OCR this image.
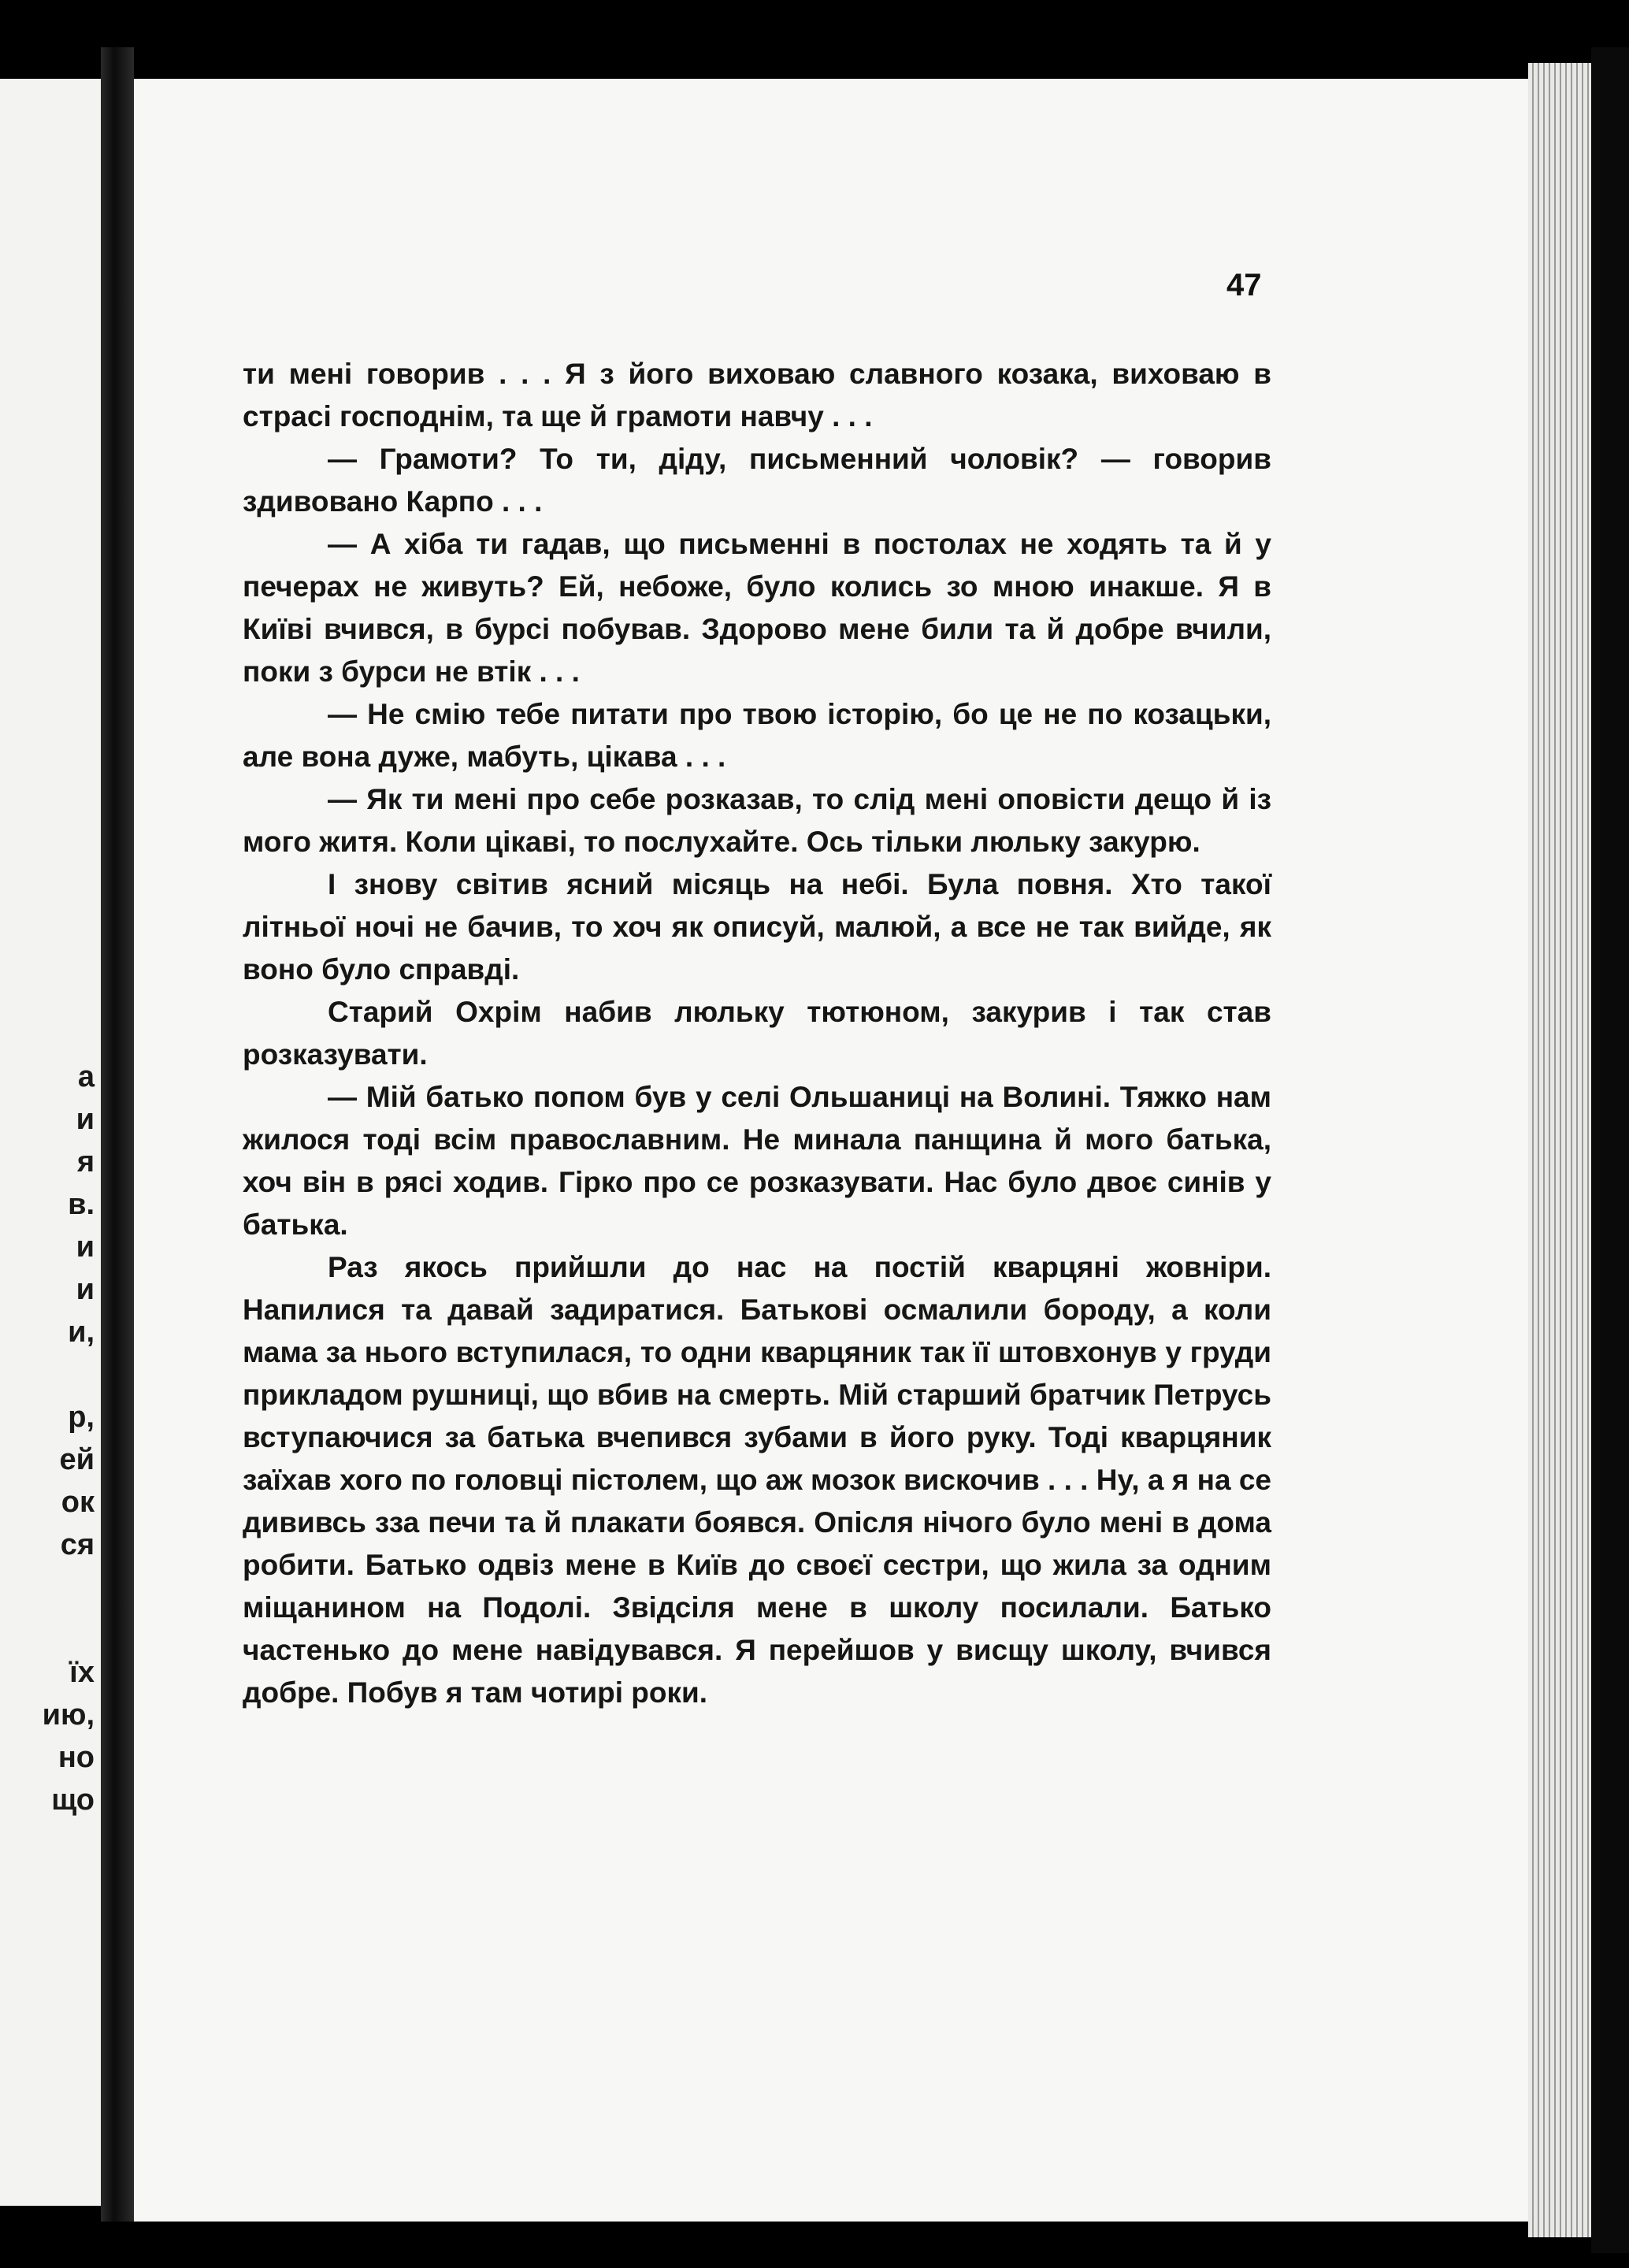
а
и
я
в.
и
и
и,
р,
ей
ок
ся
їх
ию,
но
що
47

ти мені говорив . . . Я з його виховаю славного козака, виховаю в страсі господнім, та ще й грамоти навчу . . .

— Грамоти? То ти, діду, письменний чоловік? — говорив здивовано Карпо . . .

— А хіба ти гадав, що письменні в постолах не ходять та й у печерах не живуть? Ей, небоже, було колись зо мною инакше. Я в Київі вчився, в бурсі побував. Здорово мене били та й добре вчили, поки з бурси не втік . . .

— Не смію тебе питати про твою історію, бо це не по козацьки, але вона дуже, мабуть, цікава . . .

— Як ти мені про себе розказав, то слід мені оповісти дещо й із мого житя. Коли цікаві, то послухайте. Ось тільки люльку закурю.

І знову світив ясний місяць на небі. Була повня. Хто такої літньої ночі не бачив, то хоч як описуй, малюй, а все не так вийде, як воно було справді.

Старий Охрім набив люльку тютюном, закурив і так став розказувати.

— Мій батько попом був у селі Ольшаниці на Волині. Тяжко нам жилося тоді всім православним. Не минала панщина й мого батька, хоч він в рясі ходив. Гірко про се розказувати. Нас було двоє синів у батька.

Раз якось прийшли до нас на постій кварцяні жовніри. Напилися та давай задиратися. Батькові осмалили бороду, а коли мама за нього вступилася, то одни кварцяник так її штовхонув у груди прикладом рушниці, що вбив на смерть. Мій старший братчик Петрусь вступаючися за батька вчепився зубами в його руку. Тоді кварцяник заїхав хого по головці пістолем, що аж мозок вискочив . . . Ну, а я на се дививсь зза печи та й плакати боявся. Опісля нічого було мені в дома робити. Батько одвіз мене в Київ до своєї сестри, що жила за одним міщанином на Подолі. Звідсіля мене в школу посилали. Батько частенько до мене навідувався. Я перейшов у висщу школу, вчився добре. Побув я там чотирі роки.
